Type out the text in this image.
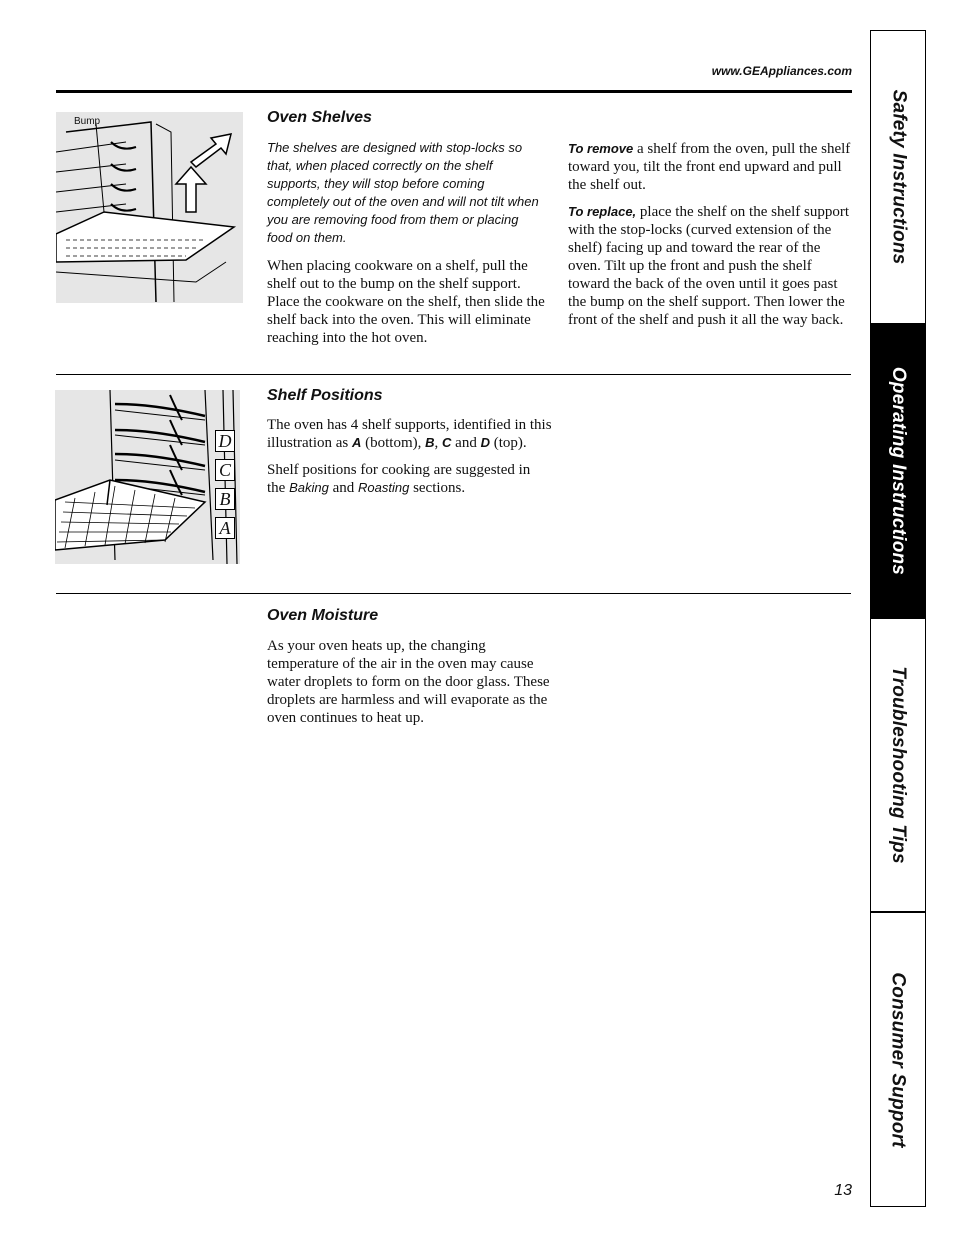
www.GEAppliances.com
Bump	Oven Shelves

The shelves are designed with stop-locks so that, when placed correctly on the shelf supports, they will stop before coming completely out of the oven and will not tilt when you are removing food from them or placing food on them.

When placing cookware on a shelf, pull the shelf out to the bump on the shelf support. Place the cookware on the shelf, then slide the shelf back into the oven. This will eliminate reaching into the hot oven.

To remove a shelf from the oven, pull the shelf toward you, tilt the front end upward and pull the shelf out.

To replace, place the shelf on the shelf support with the stop-locks (curved extension of the shelf) facing up and toward the rear of the oven. Tilt up the front and push the shelf toward the back of the oven until it goes past the bump on the shelf support. Then lower the front of the shelf and push it all the way back.

D
C
B
A
Shelf Positions

The oven has 4 shelf supports, identified in this illustration as A (bottom), B, C and D (top).

Shelf positions for cooking are suggested in the Baking and Roasting sections.

Oven Moisture

As your oven heats up, the changing temperature of the air in the oven may cause water droplets to form on the door glass. These droplets are harmless and will evaporate as the oven continues to heat up.

Safety Instructions
Operating Instructions
Troubleshooting Tips
Consumer Support
13
